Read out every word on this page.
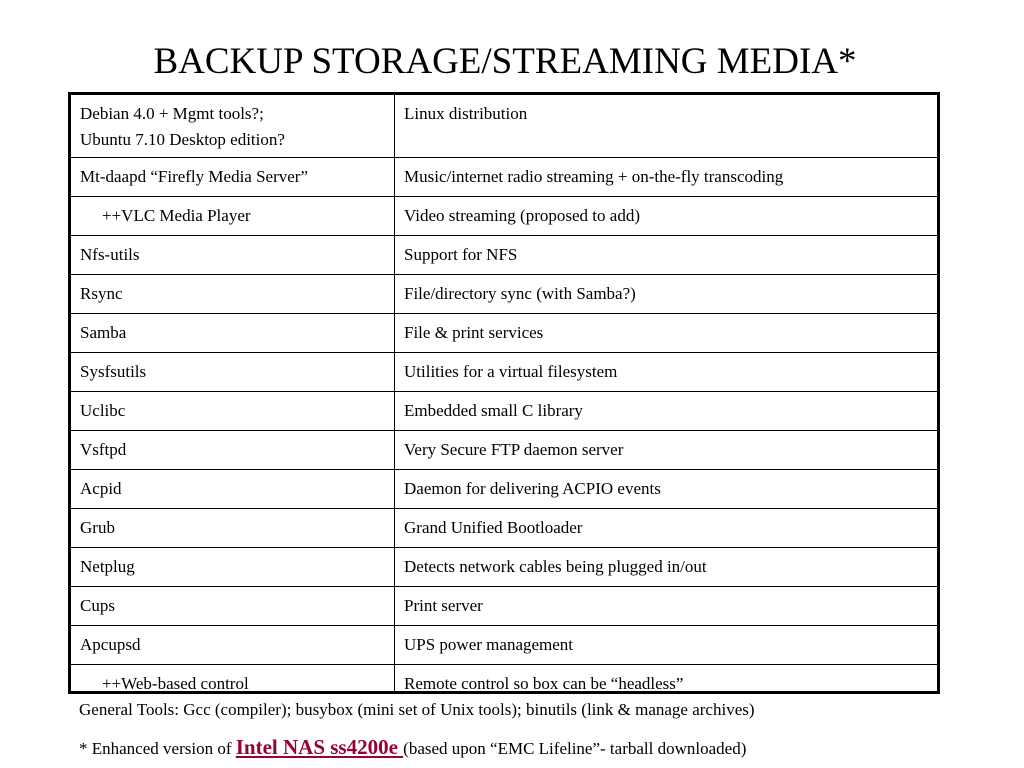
BACKUP STORAGE/STREAMING MEDIA*
Debian 4.0 + Mgmt tools?;
Ubuntu 7.10 Desktop edition?	Linux distribution
Mt-daapd “Firefly Media Server”	Music/internet radio streaming + on-the-fly transcoding
++VLC Media Player	Video streaming (proposed to add)
Nfs-utils	Support for NFS
Rsync	File/directory sync (with Samba?)
Samba	File & print services
Sysfsutils	Utilities for a virtual filesystem
Uclibc	Embedded small C library
Vsftpd	Very Secure FTP daemon server
Acpid	Daemon for delivering ACPIO events
Grub	Grand Unified Bootloader
Netplug	Detects network cables being plugged in/out
Cups	Print server
Apcupsd	UPS power management
++Web-based control	Remote control so box can be “headless”
General Tools: Gcc (compiler); busybox (mini set of Unix tools); binutils (link & manage archives)
* Enhanced version of Intel NAS ss4200e (based upon “EMC Lifeline”- tarball downloaded)
